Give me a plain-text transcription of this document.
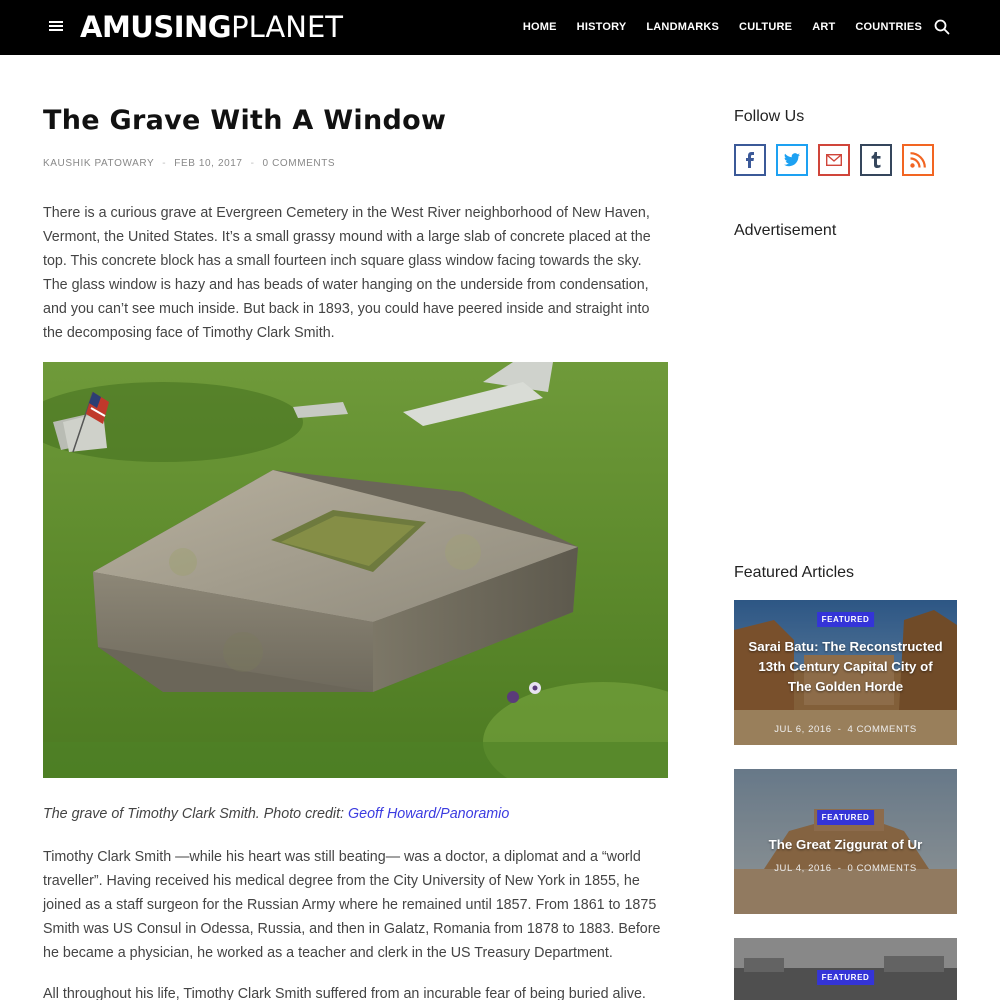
AMUSINGPLANET	HOME HISTORY LANDMARKS CULTURE ART COUNTRIES
The Grave With A Window
KAUSHIK PATOWARY - FEB 10, 2017 - 0 COMMENTS

There is a curious grave at Evergreen Cemetery in the West River neighborhood of New Haven, Vermont, the United States. It’s a small grassy mound with a large slab of concrete placed at the top. This concrete block has a small fourteen inch square glass window facing towards the sky. The glass window is hazy and has beads of water hanging on the underside from condensation, and you can’t see much inside. But back in 1893, you could have peered inside and straight into the decomposing face of Timothy Clark Smith.

The grave of Timothy Clark Smith. Photo credit: Geoff Howard/Panoramio

Timothy Clark Smith —while his heart was still beating— was a doctor, a diplomat and a “world traveller”. Having received his medical degree from the City University of New York in 1855, he joined as a staff surgeon for the Russian Army where he remained until 1857. From 1861 to 1875 Smith was US Consul in Odessa, Russia, and then in Galatz, Romania from 1878 to 1883. Before he became a physician, he worked as a teacher and clerk in the US Treasury Department.

All throughout his life, Timothy Clark Smith suffered from an incurable fear of being buried alive.

Follow Us
Advertisement
Featured Articles
FEATURED
Sarai Batu: The Reconstructed 13th Century Capital City of The Golden Horde
JUL 6, 2016 - 4 COMMENTS
FEATURED
The Great Ziggurat of Ur
JUL 4, 2016 - 0 COMMENTS
FEATURED
